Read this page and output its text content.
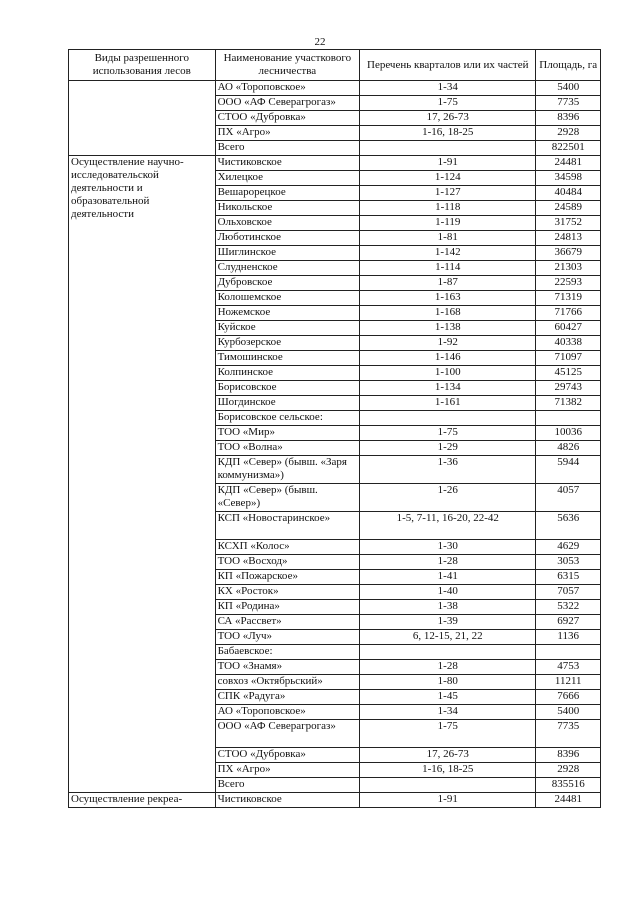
22
Виды разрешенного использования лесов	Наименование участкового лесничества	Перечень кварталов или их частей	Площадь, га
	АО «Тороповское»	1-34	5400
	ООО «АФ Северагрогаз»	1-75	7735
	СТОО «Дубровка»	17, 26-73	8396
	ПХ «Агро»	1-16, 18-25	2928
	Всего		822501
Осуществление научно-исследовательской деятельности и образовательной деятельности	Чистиковское	1-91	24481
	Хилецкое	1-124	34598
	Вешарорецкое	1-127	40484
	Никольское	1-118	24589
	Ольховское	1-119	31752
	Люботинское	1-81	24813
	Шиглинское	1-142	36679
	Слудненское	1-114	21303
	Дубровское	1-87	22593
	Колошемское	1-163	71319
	Ножемское	1-168	71766
	Куйское	1-138	60427
	Курбозерское	1-92	40338
	Тимошинское	1-146	71097
	Колпинское	1-100	45125
	Борисовское	1-134	29743
	Шогдинское	1-161	71382
	Борисовское сельское:		
	ТОО «Мир»	1-75	10036
	ТОО «Волна»	1-29	4826
	КДП «Север» (бывш. «Заря коммунизма»)	1-36	5944
	КДП «Север» (бывш. «Север»)	1-26	4057
	КСП «Новостаринское»	1-5, 7-11, 16-20, 22-42	5636
	КСХП «Колос»	1-30	4629
	ТОО «Восход»	1-28	3053
	КП «Пожарское»	1-41	6315
	КХ «Росток»	1-40	7057
	КП «Родина»	1-38	5322
	СА «Рассвет»	1-39	6927
	ТОО «Луч»	6, 12-15, 21, 22	1136
	Бабаевское:		
	ТОО «Знамя»	1-28	4753
	совхоз «Октябрьский»	1-80	11211
	СПК «Радуга»	1-45	7666
	АО «Тороповское»	1-34	5400
	ООО «АФ Северагрогаз»	1-75	7735
	СТОО «Дубровка»	17, 26-73	8396
	ПХ «Агро»	1-16, 18-25	2928
	Всего		835516
Осуществление рекреа-	Чистиковское	1-91	24481
